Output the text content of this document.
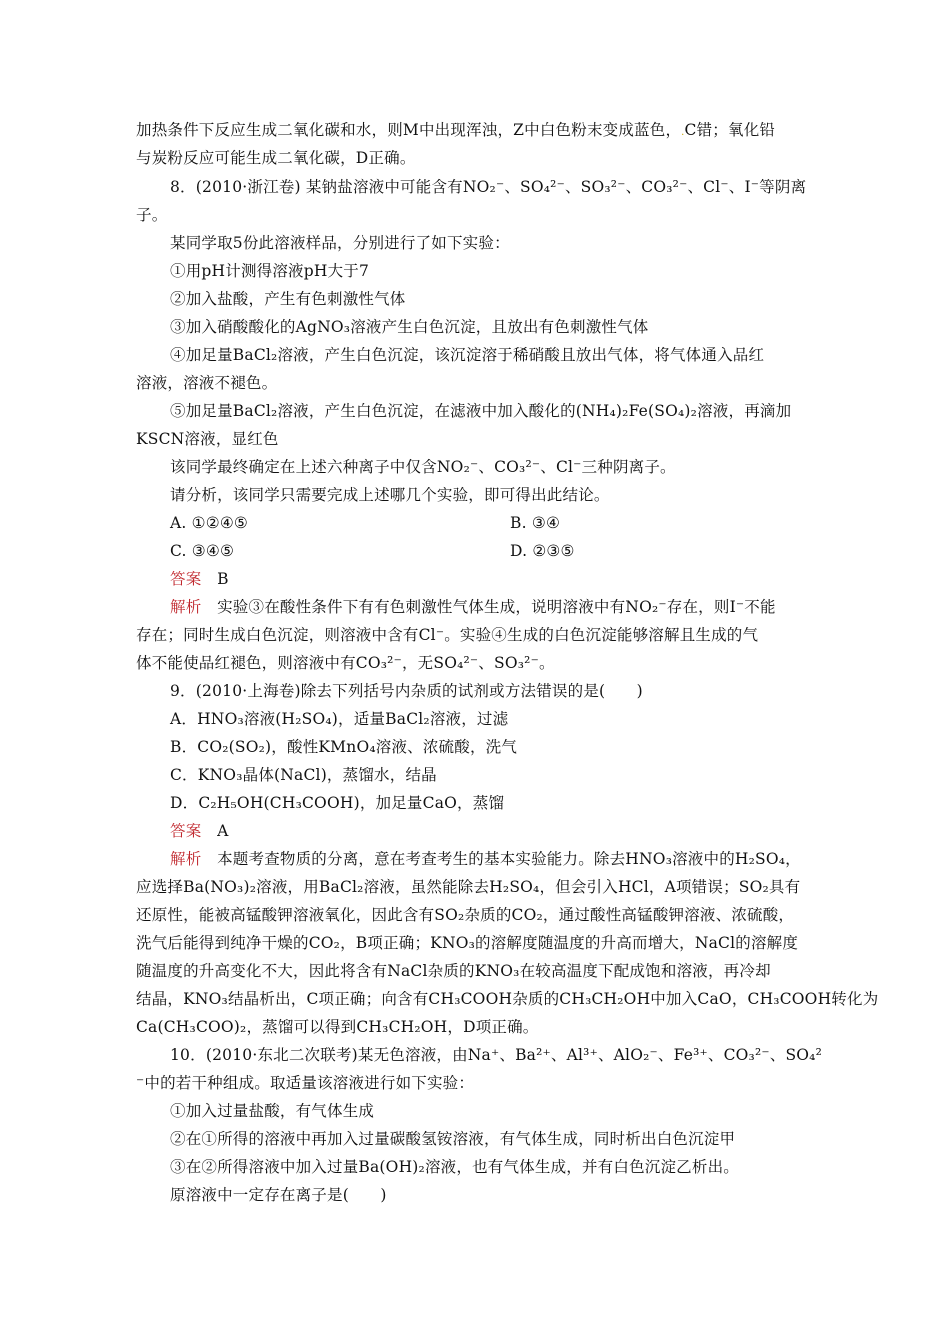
加热条件下反应生成二氧化碳和水，则M中出现浑浊，Z中白色粉末变成蓝色，.C错；氧化铅
与炭粉反应可能生成二氧化碳，D正确。
8．(2010·浙江卷) 某钠盐溶液中可能含有NO₂⁻、SO₄²⁻、SO₃²⁻、CO₃²⁻、Cl⁻、I⁻等阴离
子。
某同学取5份此溶液样品，分别进行了如下实验：
①用pH计测得溶液pH大于7
②加入盐酸，产生有色刺激性气体
③加入硝酸酸化的AgNO₃溶液产生白色沉淀，且放出有色刺激性气体
④加足量BaCl₂溶液，产生白色沉淀，该沉淀溶于稀硝酸且放出气体，将气体通入品红
溶液，溶液不褪色。
⑤加足量BaCl₂溶液，产生白色沉淀，在滤液中加入酸化的(NH₄)₂Fe(SO₄)₂溶液，再滴加
KSCN溶液，显红色
该同学最终确定在上述六种离子中仅含NO₂⁻、CO₃²⁻、Cl⁻三种阴离子。
请分析，该同学只需要完成上述哪几个实验，即可得出此结论。
A. ①②④⑤	B. ③④
C. ③④⑤	D. ②③⑤
答案　 B
解析　 实验③在酸性条件下有有色刺激性气体生成，说明溶液中有NO₂⁻存在，则I⁻不能
存在；同时生成白色沉淀，则溶液中含有Cl⁻。实验④生成的白色沉淀能够溶解且生成的气
体不能使品红褪色，则溶液中有CO₃²⁻，无SO₄²⁻、SO₃²⁻。
9．(2010·上海卷)除去下列括号内杂质的试剂或方法错误的是(　　)
A．HNO₃溶液(H₂SO₄)，适量BaCl₂溶液，过滤
B．CO₂(SO₂)，酸性KMnO₄溶液、浓硫酸，洗气
C．KNO₃晶体(NaCl)，蒸馏水，结晶
D．C₂H₅OH(CH₃COOH)，加足量CaO，蒸馏
答案　 A
解析　 本题考查物质的分离，意在考查考生的基本实验能力。除去HNO₃溶液中的H₂SO₄，
应选择Ba(NO₃)₂溶液，用BaCl₂溶液，虽然能除去H₂SO₄，但会引入HCl，A项错误；SO₂具有
还原性，能被高锰酸钾溶液氧化，因此含有SO₂杂质的CO₂，通过酸性高锰酸钾溶液、浓硫酸，
洗气后能得到纯净干燥的CO₂，B项正确；KNO₃的溶解度随温度的升高而增大，NaCl的溶解度
随温度的升高变化不大，因此将含有NaCl杂质的KNO₃在较高温度下配成饱和溶液，再冷却
结晶，KNO₃结晶析出，C项正确；向含有CH₃COOH杂质的CH₃CH₂OH中加入CaO，CH₃COOH转化为
Ca(CH₃COO)₂，蒸馏可以得到CH₃CH₂OH，D项正确。
10．(2010·东北二次联考)某无色溶液，由Na⁺、Ba²⁺、Al³⁺、AlO₂⁻、Fe³⁺、CO₃²⁻、SO₄²
⁻中的若干种组成。取适量该溶液进行如下实验：
①加入过量盐酸，有气体生成
②在①所得的溶液中再加入过量碳酸氢铵溶液，有气体生成，同时析出白色沉淀甲
③在②所得溶液中加入过量Ba(OH)₂溶液，也有气体生成，并有白色沉淀乙析出。
原溶液中一定存在离子是(　　)
